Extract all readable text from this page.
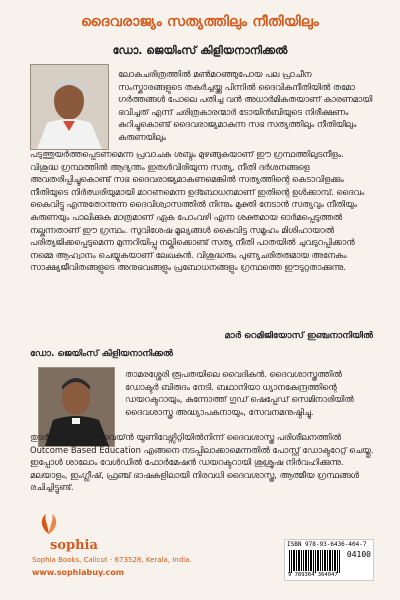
ദൈവരാജ്യം സത്യത്തിലും നീതിയിലും
ഡോ. ജെയിംസ് കിളിയനാനിക്കൽ
ലോകചരിത്രത്തിൽ മൺമറഞ്ഞുപോയ പല പ്രാചീന സംസ്കാരങ്ങളുടെ തകർച്ചയ്ക്കു പിന്നിൽ ദൈവികനീതിയിൽ തമോ ഗർത്തങ്ങൾ പോലെ പതിച്ച വൻ അധാർമികതയാണ് കാരണമായി ഭവിച്ചത് എന്ന് ചരിത്രകാരന്മാർ ടോയിൻബിയുടെ നിരീക്ഷണം കുറിച്ചുകൊണ്ട് ദൈവരാജ്യമാകുന്ന സഭ സത്യത്തിലും നീതിയിലും കരുണയിലും
പടുത്തുയർത്തപ്പെടണമെന്ന പ്രവാചക ശബ്ദം മുഴങ്ങുകയാണ് ഈ ഗ്രന്ഥത്തിലുടനീളം. വിശുദ്ധ ഗ്രന്ഥത്തിൽ ആദ്യന്തം ഇതൾവിരിയുന്ന സത്യ, നീതി ദർശനങ്ങളെ അവതരിപ്പിച്ചുകൊണ്ട് സഭ ദൈവരാജ്യമാകണമെങ്കിൽ സത്യത്തിന്റെ കെടാവിളക്കും നീതിയുടെ നിർഝരിയുമായി മാറണമെന്ന ഉദ്ബോധനമാണ് ഇതിന്റെ ഉൾക്കാമ്പ്. ദൈവം കൈവിട്ടു എന്നുതോന്നുന്ന ദൈവിശ്വാസത്തിൽ നിന്നും മുക്തി നേടാൻ സത്യവും നീതിയും കരുണയും പാലിക്കുക മാത്രമാണ് ഏക പോംവഴി എന്ന ശക്തമായ ഓർമപ്പെടുത്തൽ നല്കുന്നതാണ് ഈ ഗ്രന്ഥം. സുവിശേഷ മൂല്യങ്ങൾ കൈവിട്ട സമൂഹം മിശിഹായാൽ പരിത്യജിക്കപ്പെടുമെന്ന മുന്നറിയിപ്പു നല്കിക്കൊണ്ട് സത്യ നീതി പാതയിൽ ചുവടുറപ്പിക്കാൻ നമ്മെ ആഹ്വാനം ചെയ്യുകയാണ് ലേഖകൻ. വിശുദ്ധരും പുണ്യചരിതരുമായ അനേകം സാക്ഷ്യജീവിതങ്ങളുടെ അനുഭവങ്ങളും പ്രബോധനങ്ങളും ഗ്രന്ഥത്തെ ഈടുറ്റതാക്കുന്നു.
മാർ റെമിജിയോസ് ഇഞ്ചനാനിയിൽ
ഡോ. ജെയിംസ് കിളിയനാനിക്കൽ
താമരശ്ശേരി രൂപതയിലെ വൈദികൻ. ദൈവശാസ്ത്രത്തിൽ ഡോക്ടർ ബിരുദം നേടി. ബഥാനിയാ ധ്യാനകേന്ദ്രത്തിന്റെ ഡയറക്ടറായും, കുന്നോത്ത് ഗുഡ് ഷെപ്പേഡ് സെമിനാരിയിൽ ദൈവശാസ്ത്ര അദ്ധ്യാപകനായും, സേവനമനുഷ്ഠിച്ചു.
തുടർന്ന് പാരീസ് ലൂവെയ്ൻ യൂണിവേഴ്സിറ്റിയിൽനിന്ന് ദൈവശാസ്ത്ര പരിശീലനത്തിൽ Outcome Based Education എങ്ങനെ നടപ്പിലാക്കാമെന്നതിൽ പോസ്റ്റ് ഡോക്ടറേറ്റ് ചെയ്തു. ഇപ്പോൾ ശാലോം വേൾഡിൽ ഫോർമേഷൻ ഡയറക്ടറായി ശുശ്രൂഷ നിർവഹിക്കുന്നു. മലയാളം, ഇംഗ്ലീഷ്, ഫ്രഞ്ച് ഭാഷകളിലായി നിരവധി ദൈവശാസ്ത്ര, ആത്മീയ ഗ്രന്ഥങ്ങൾ രചിച്ചിട്ടുണ്ട്.
sophia
Sophia Books, Calicut - 673528, Kerala, India.
www.sophiabuy.com
ISBN 978-93-6436-404-7
04100
9 789364 364047
